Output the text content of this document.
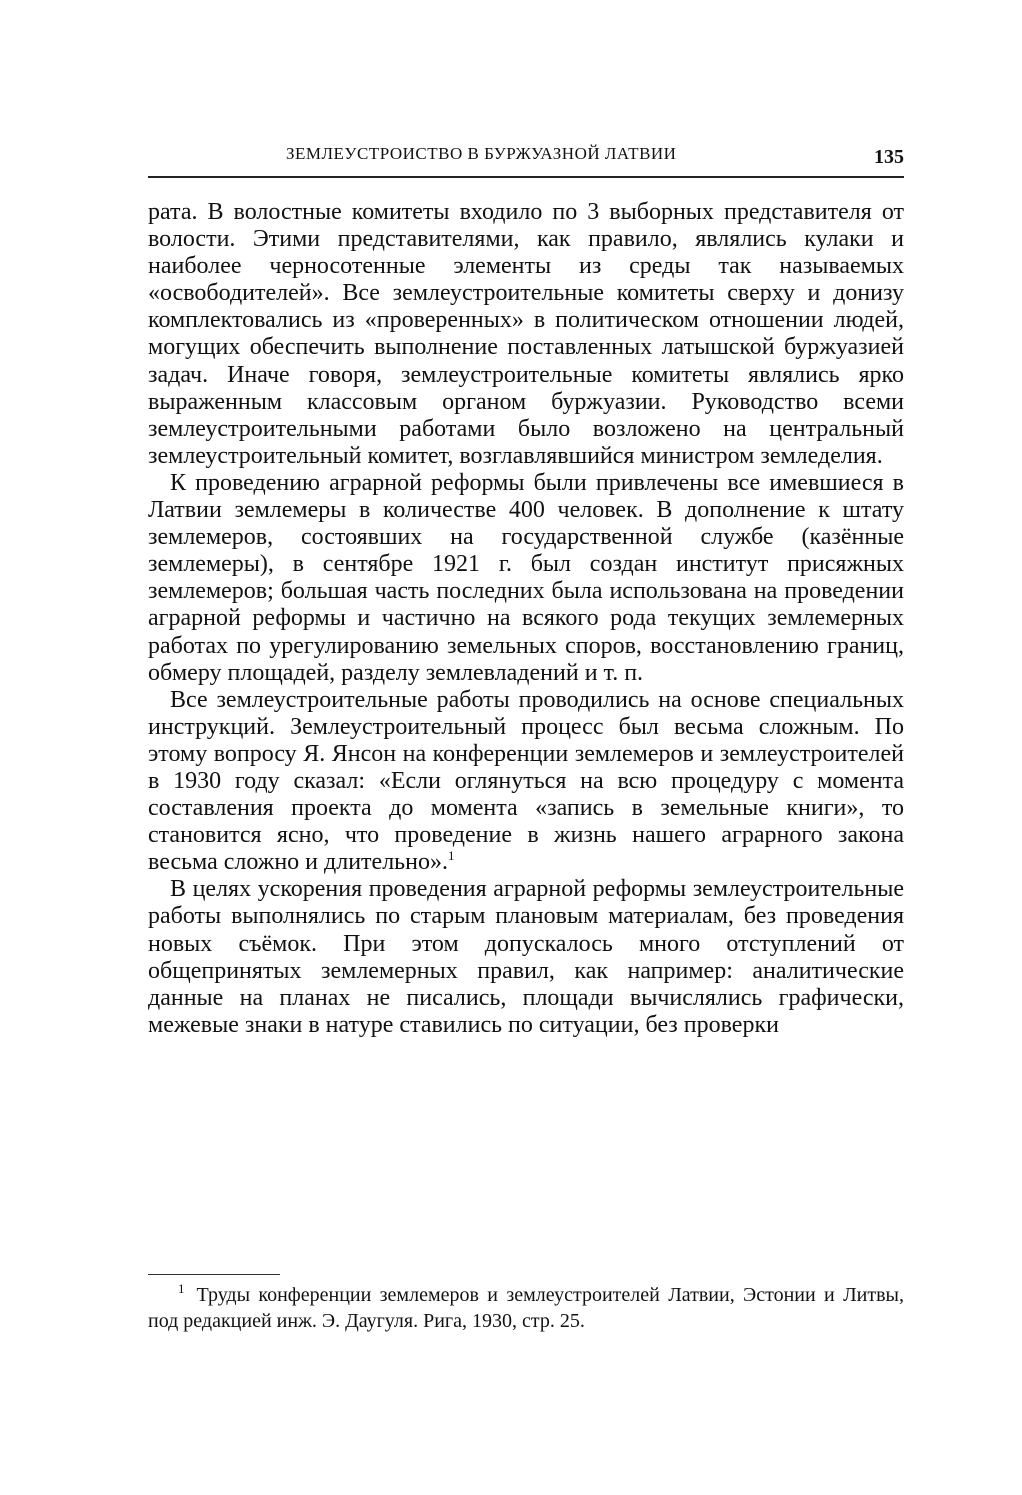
ЗЕМЛЕУСТРОИСТВО В БУРЖУАЗНОЙ ЛАТВИИ	135

рата. В волостные комитеты входило по 3 выборных представителя от волости. Этими представителями, как правило, являлись кулаки и наиболее черносотенные элементы из среды так называемых «освободителей». Все землеустроительные комитеты сверху и донизу комплектовались из «проверенных» в политическом отношении людей, могущих обеспечить выполнение поставленных латышской буржуазией задач. Иначе говоря, землеустроительные комитеты являлись ярко выраженным классовым органом буржуазии. Руководство всеми землеустроительными работами было возложено на центральный землеустроительный комитет, возглавлявшийся министром земледелия.

К проведению аграрной реформы были привлечены все имевшиеся в Латвии землемеры в количестве 400 человек. В дополнение к штату землемеров, состоявших на государственной службе (казённые землемеры), в сентябре 1921 г. был создан институт присяжных землемеров; большая часть последних была использована на проведении аграрной реформы и частично на всякого рода текущих землемерных работах по урегулированию земельных споров, восстановлению границ, обмеру площадей, разделу землевладений и т. п.

Все землеустроительные работы проводились на основе специальных инструкций. Землеустроительный процесс был весьма сложным. По этому вопросу Я. Янсон на конференции землемеров и землеустроителей в 1930 году сказал: «Если оглянуться на всю процедуру с момента составления проекта до момента «запись в земельные книги», то становится ясно, что проведение в жизнь нашего аграрного закона весьма сложно и длительно».$^1$

В целях ускорения проведения аграрной реформы землеустроительные работы выполнялись по старым плановым материалам, без проведения новых съёмок. При этом допускалось много отступлений от общепринятых землемерных правил, как например: аналитические данные на планах не писались, площади вычислялись графически, межевые знаки в натуре ставились по ситуации, без проверки

$^1$ Труды конференции землемеров и землеустроителей Латвии, Эстонии и Литвы, под редакцией инж. Э. Даугуля. Рига, 1930, стр. 25.
